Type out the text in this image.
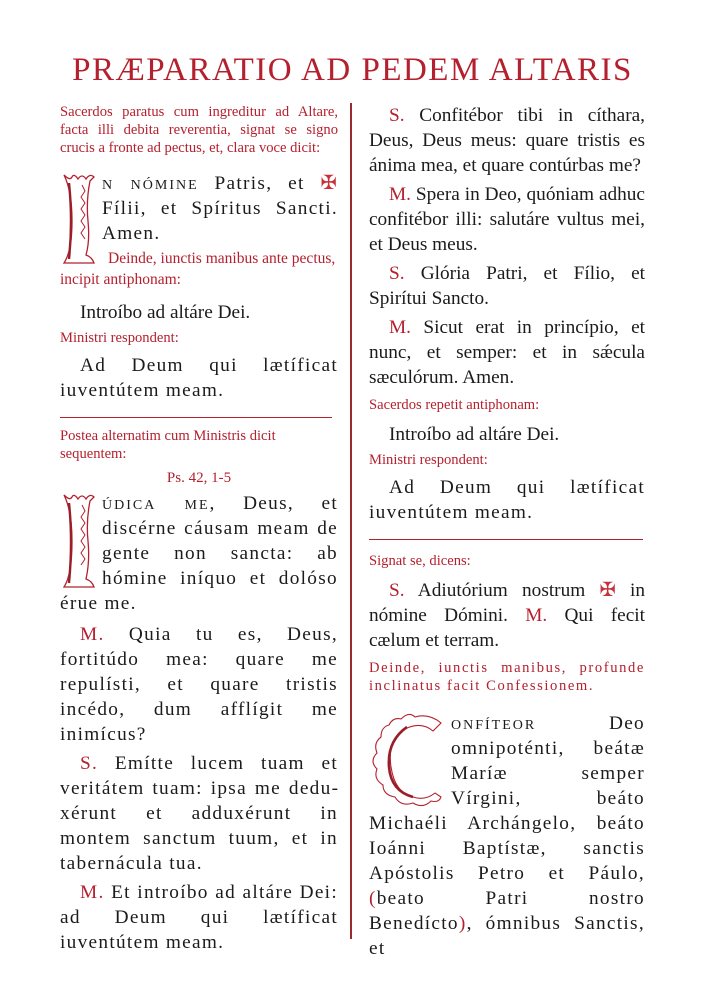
PRÆPARATIO AD PEDEM ALTARIS

Sacerdos paratus cum ingreditur ad Altare, facta illi debita reverentia, signat se signo crucis a fronte ad pectus, et, clara voce dicit:

n nómine Patris, et ✠ Fílii, et Spíritus Sancti. Amen.

Deinde, iunctis manibus ante pectus, incipit antiphonam:

Introíbo ad altáre Dei.

Ministri respondent:

Ad Deum qui lætíficat iuventútem meam.

Postea alternatim cum Ministris dicit sequentem:

Ps. 42, 1-5

údica me, Deus, et discérne cáusam meam de gente non sancta: ab hómine iníquo et dolóso érue me.

M. Quia tu es, Deus, fortitúdo mea: quare me repulísti, et quare tristis incédo, dum afflígit me inimícus?

S. Emítte lucem tuam et veritátem tuam: ipsa me deduxérunt et adduxérunt in montem sanctum tuum, et in tabernácula tua.

M. Et introíbo ad altáre Dei: ad Deum qui lætíficat iuventútem meam.

S. Confitébor tibi in cíthara, Deus, Deus meus: quare tristis es ánima mea, et quare contúrbas me?

M. Spera in Deo, quóniam adhuc confitébor illi: salutáre vultus mei, et Deus meus.

S. Glória Patri, et Fílio, et Spirítui Sancto.

M. Sicut erat in princípio, et nunc, et semper: et in sǽcula sæculórum. Amen.

Sacerdos repetit antiphonam:

Introíbo ad altáre Dei.

Ministri respondent:

Ad Deum qui lætíficat iuventútem meam.

Signat se, dicens:

S. Adiutórium nostrum ✠ in nómine Dómini. M. Qui fecit cælum et terram.

Deinde, iunctis manibus, profunde inclinatus facit Confessionem.

onfíteor Deo omnipoténti, beátæ Maríæ semper Vírgini, beáto Michaéli Archángelo, beáto Ioánni Baptístæ, sanctis Apóstolis Petro et Páulo, (beato Patri nostro Benedícto), ómnibus Sanctis, et
